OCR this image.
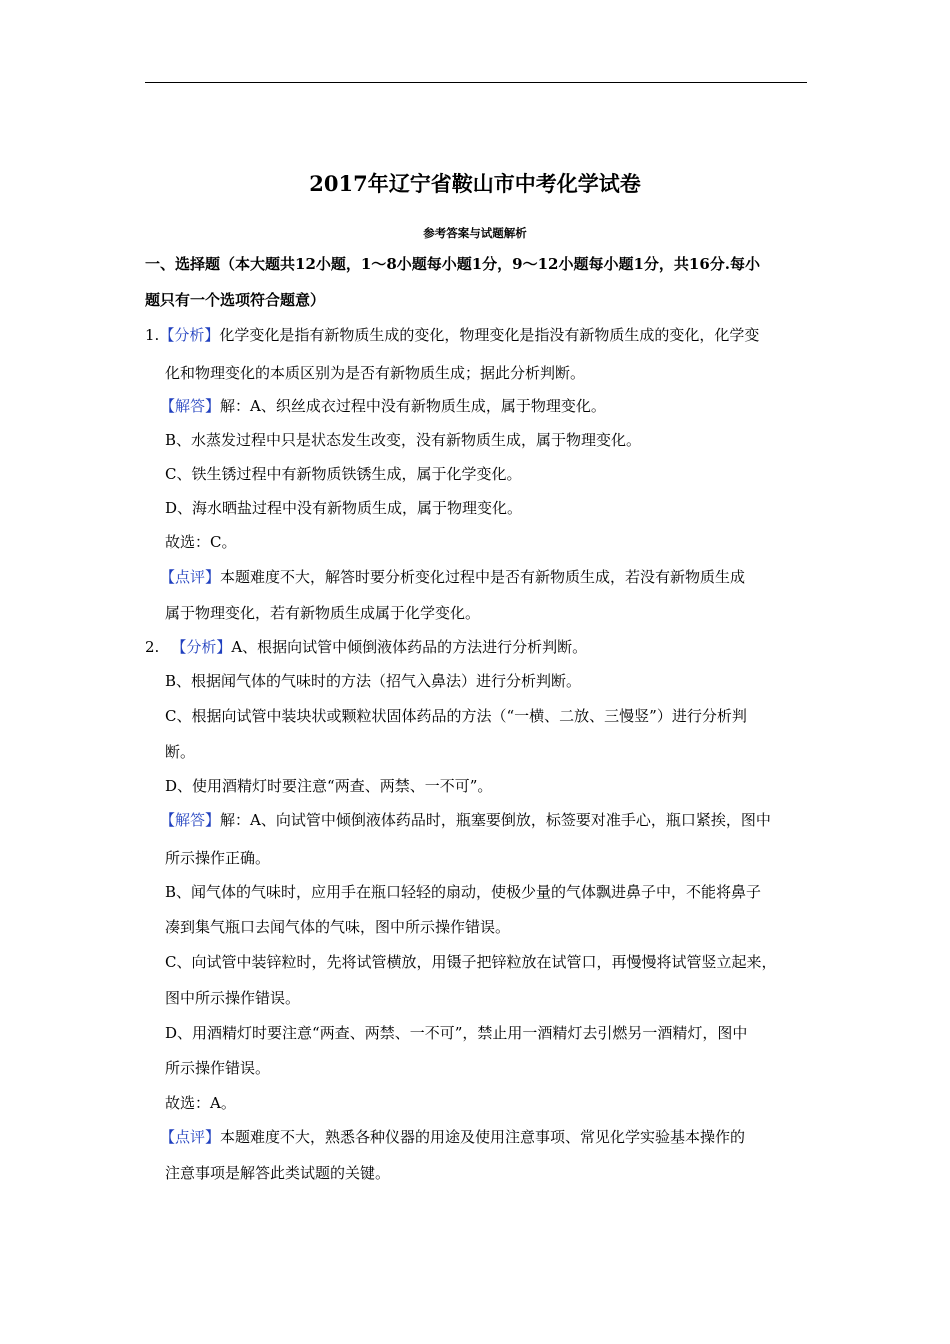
2017年辽宁省鞍山市中考化学试卷
参考答案与试题解析
一、选择题（本大题共12小题，1～8小题每小题1分，9～12小题每小题1分，共16分.每小
题只有一个选项符合题意）
1.【分析】化学变化是指有新物质生成的变化，物理变化是指没有新物质生成的变化，化学变
化和物理变化的本质区别为是否有新物质生成；据此分析判断。
【解答】解：A、织丝成衣过程中没有新物质生成，属于物理变化。
B、水蒸发过程中只是状态发生改变，没有新物质生成，属于物理变化。
C、铁生锈过程中有新物质铁锈生成，属于化学变化。
D、海水晒盐过程中没有新物质生成，属于物理变化。
故选：C。
【点评】本题难度不大，解答时要分析变化过程中是否有新物质生成，若没有新物质生成
属于物理变化，若有新物质生成属于化学变化。
2. 【分析】A、根据向试管中倾倒液体药品的方法进行分析判断。
B、根据闻气体的气味时的方法（招气入鼻法）进行分析判断。
C、根据向试管中装块状或颗粒状固体药品的方法（“一横、二放、三慢竖”）进行分析判
断。
D、使用酒精灯时要注意“两查、两禁、一不可”。
【解答】解：A、向试管中倾倒液体药品时，瓶塞要倒放，标签要对准手心，瓶口紧挨，图中
所示操作正确。
B、闻气体的气味时，应用手在瓶口轻轻的扇动，使极少量的气体飘进鼻子中，不能将鼻子
凑到集气瓶口去闻气体的气味，图中所示操作错误。
C、向试管中装锌粒时，先将试管横放，用镊子把锌粒放在试管口，再慢慢将试管竖立起来，
图中所示操作错误。
D、用酒精灯时要注意“两查、两禁、一不可”，禁止用一酒精灯去引燃另一酒精灯，图中
所示操作错误。
故选：A。
【点评】本题难度不大，熟悉各种仪器的用途及使用注意事项、常见化学实验基本操作的
注意事项是解答此类试题的关键。
